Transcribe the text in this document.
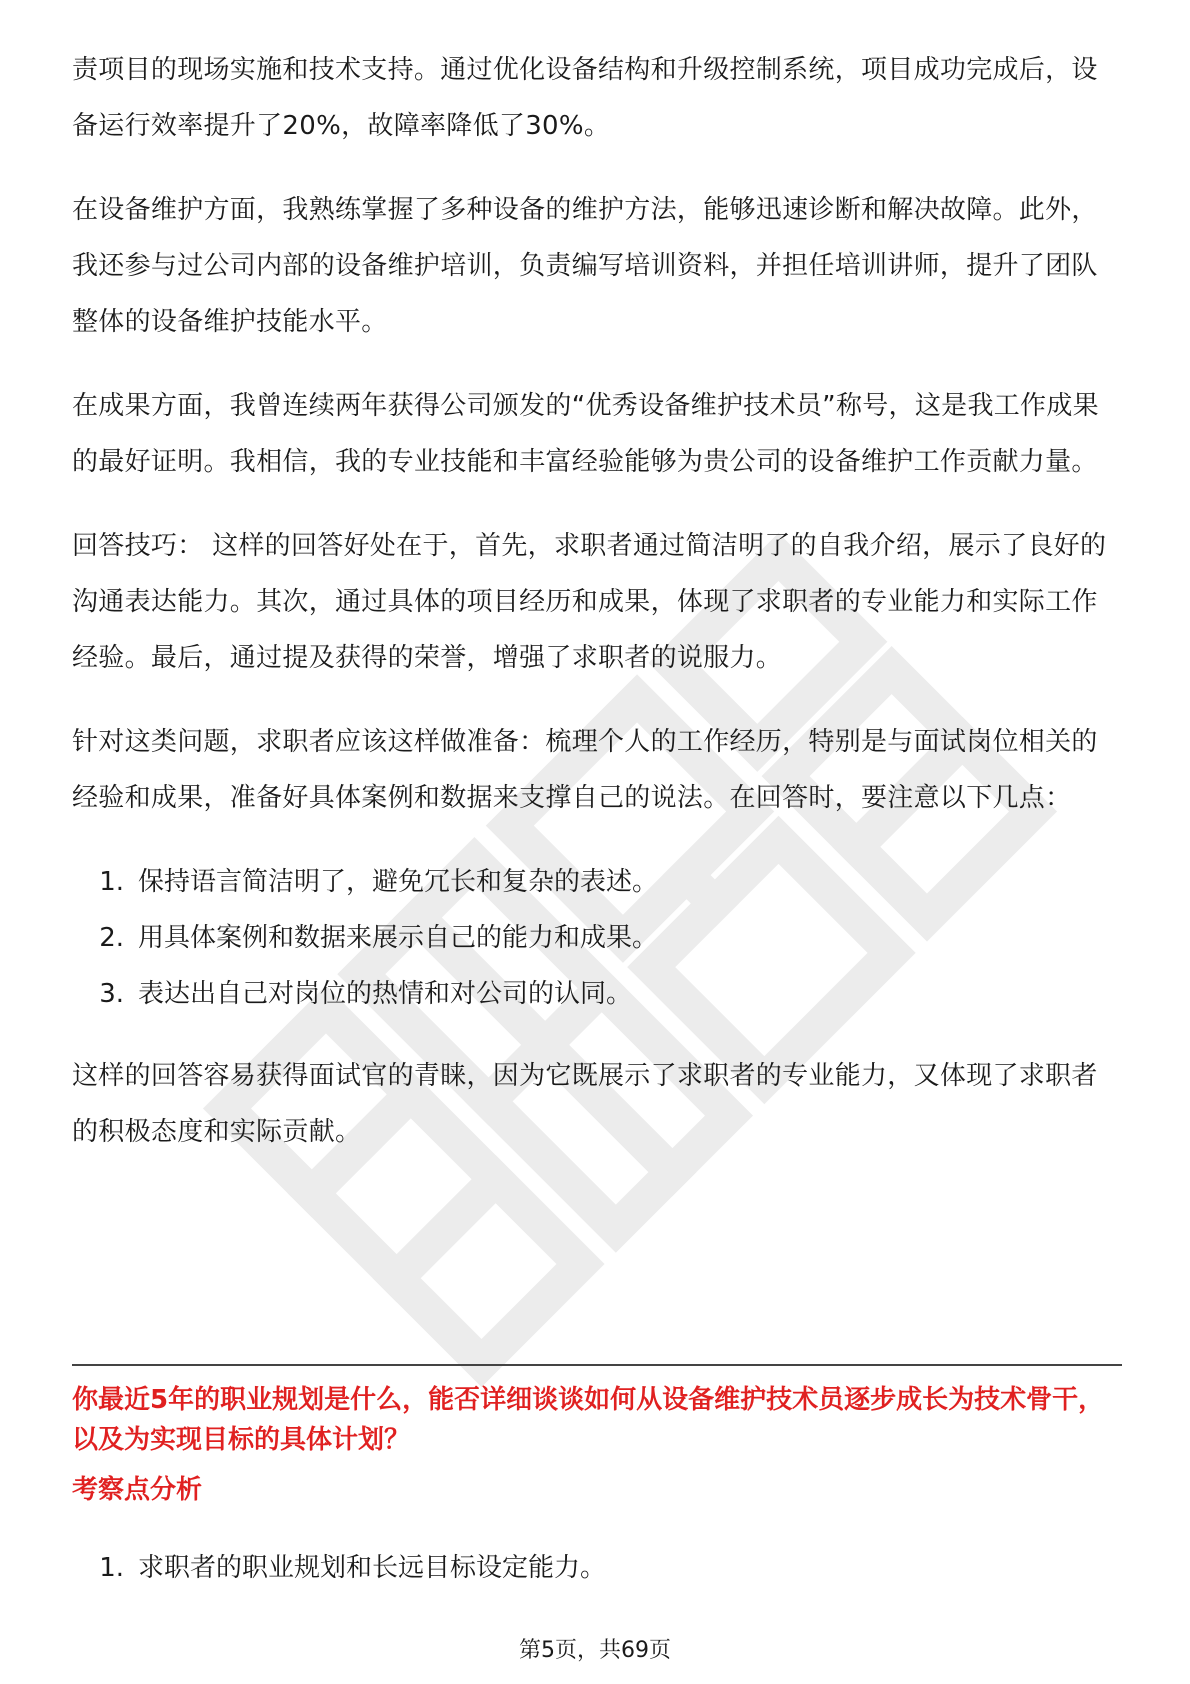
责项目的现场实施和技术支持。通过优化设备结构和升级控制系统，项目成功完成后，设备运行效率提升了20%，故障率降低了30%。

在设备维护方面，我熟练掌握了多种设备的维护方法，能够迅速诊断和解决故障。此外，我还参与过公司内部的设备维护培训，负责编写培训资料，并担任培训讲师，提升了团队整体的设备维护技能水平。

在成果方面，我曾连续两年获得公司颁发的“优秀设备维护技术员”称号，这是我工作成果的最好证明。我相信，我的专业技能和丰富经验能够为贵公司的设备维护工作贡献力量。

回答技巧： 这样的回答好处在于，首先，求职者通过简洁明了的自我介绍，展示了良好的沟通表达能力。其次，通过具体的项目经历和成果，体现了求职者的专业能力和实际工作经验。最后，通过提及获得的荣誉，增强了求职者的说服力。

针对这类问题，求职者应该这样做准备：梳理个人的工作经历，特别是与面试岗位相关的经验和成果，准备好具体案例和数据来支撑自己的说法。在回答时，要注意以下几点：

1. 保持语言简洁明了，避免冗长和复杂的表述。
2. 用具体案例和数据来展示自己的能力和成果。
3. 表达出自己对岗位的热情和对公司的认同。

这样的回答容易获得面试官的青睐，因为它既展示了求职者的专业能力，又体现了求职者的积极态度和实际贡献。

你最近5年的职业规划是什么，能否详细谈谈如何从设备维护技术员逐步成长为技术骨干，以及为实现目标的具体计划？
考察点分析
1. 求职者的职业规划和长远目标设定能力。
第5页，共69页
